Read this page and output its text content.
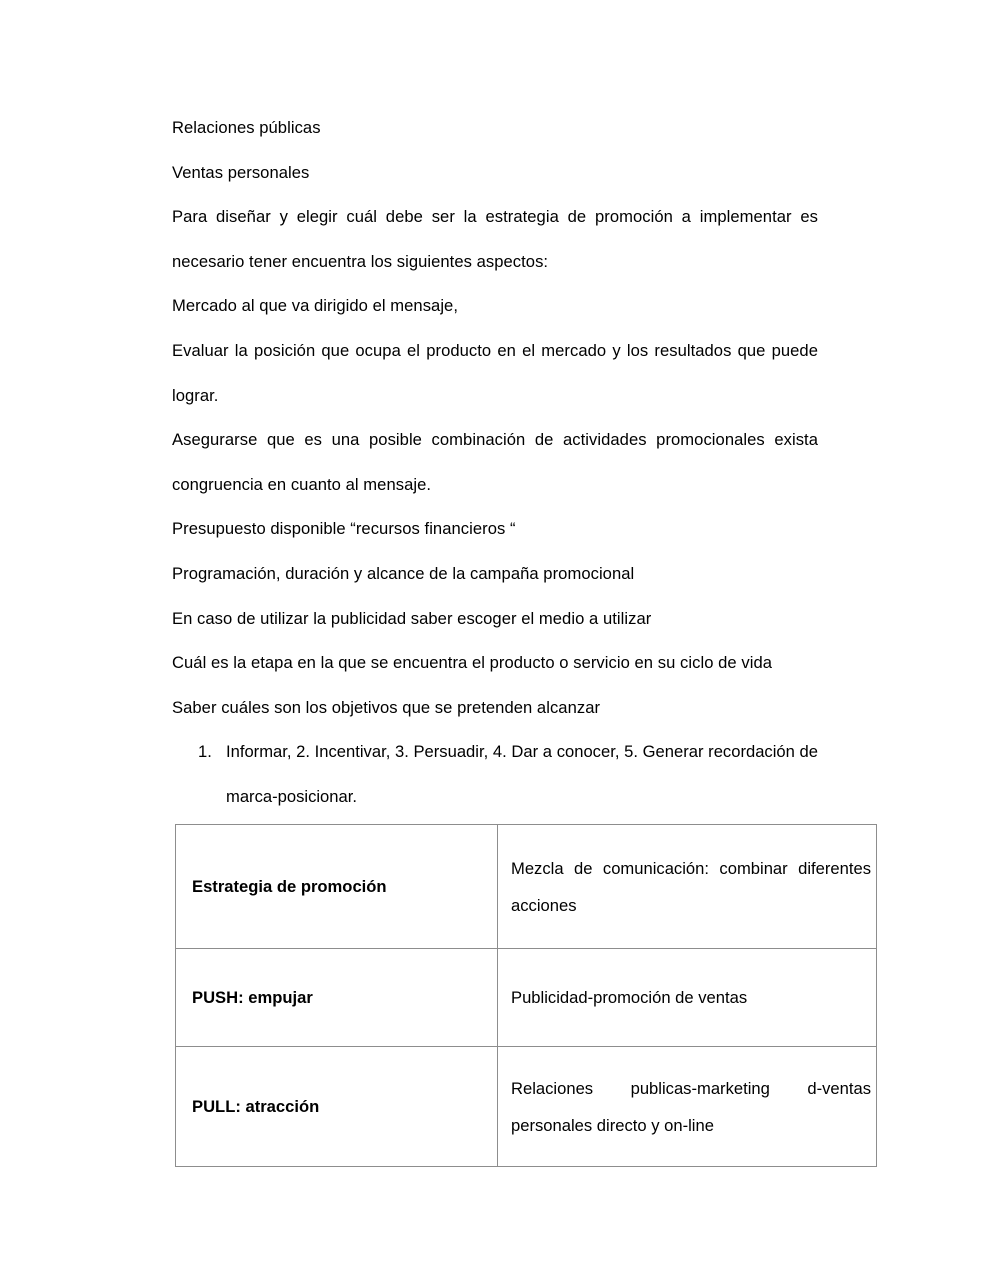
Relaciones públicas

Ventas personales

Para diseñar y elegir cuál debe ser la estrategia de promoción a implementar es necesario tener encuentra los siguientes aspectos:

Mercado al que va dirigido el mensaje,

Evaluar la posición que ocupa el producto en el mercado y los resultados que puede lograr.

Asegurarse que es una posible combinación de actividades promocionales exista congruencia en cuanto al mensaje.

Presupuesto disponible “recursos financieros “

Programación, duración y alcance de la campaña promocional

En caso de utilizar la publicidad saber escoger el medio a utilizar

Cuál es la etapa en la que se encuentra el producto o servicio en su ciclo de vida

Saber cuáles son los objetivos que se pretenden alcanzar

1. Informar, 2. Incentivar, 3. Persuadir, 4. Dar a conocer, 5. Generar recordación de marca-posicionar.
Estrategia de promoción	Mezcla de comunicación: combinar diferentes acciones

PUSH: empujar	Publicidad-promoción de ventas

PULL: atracción	Relaciones publicas-marketing d-ventas personales directo y on-line
